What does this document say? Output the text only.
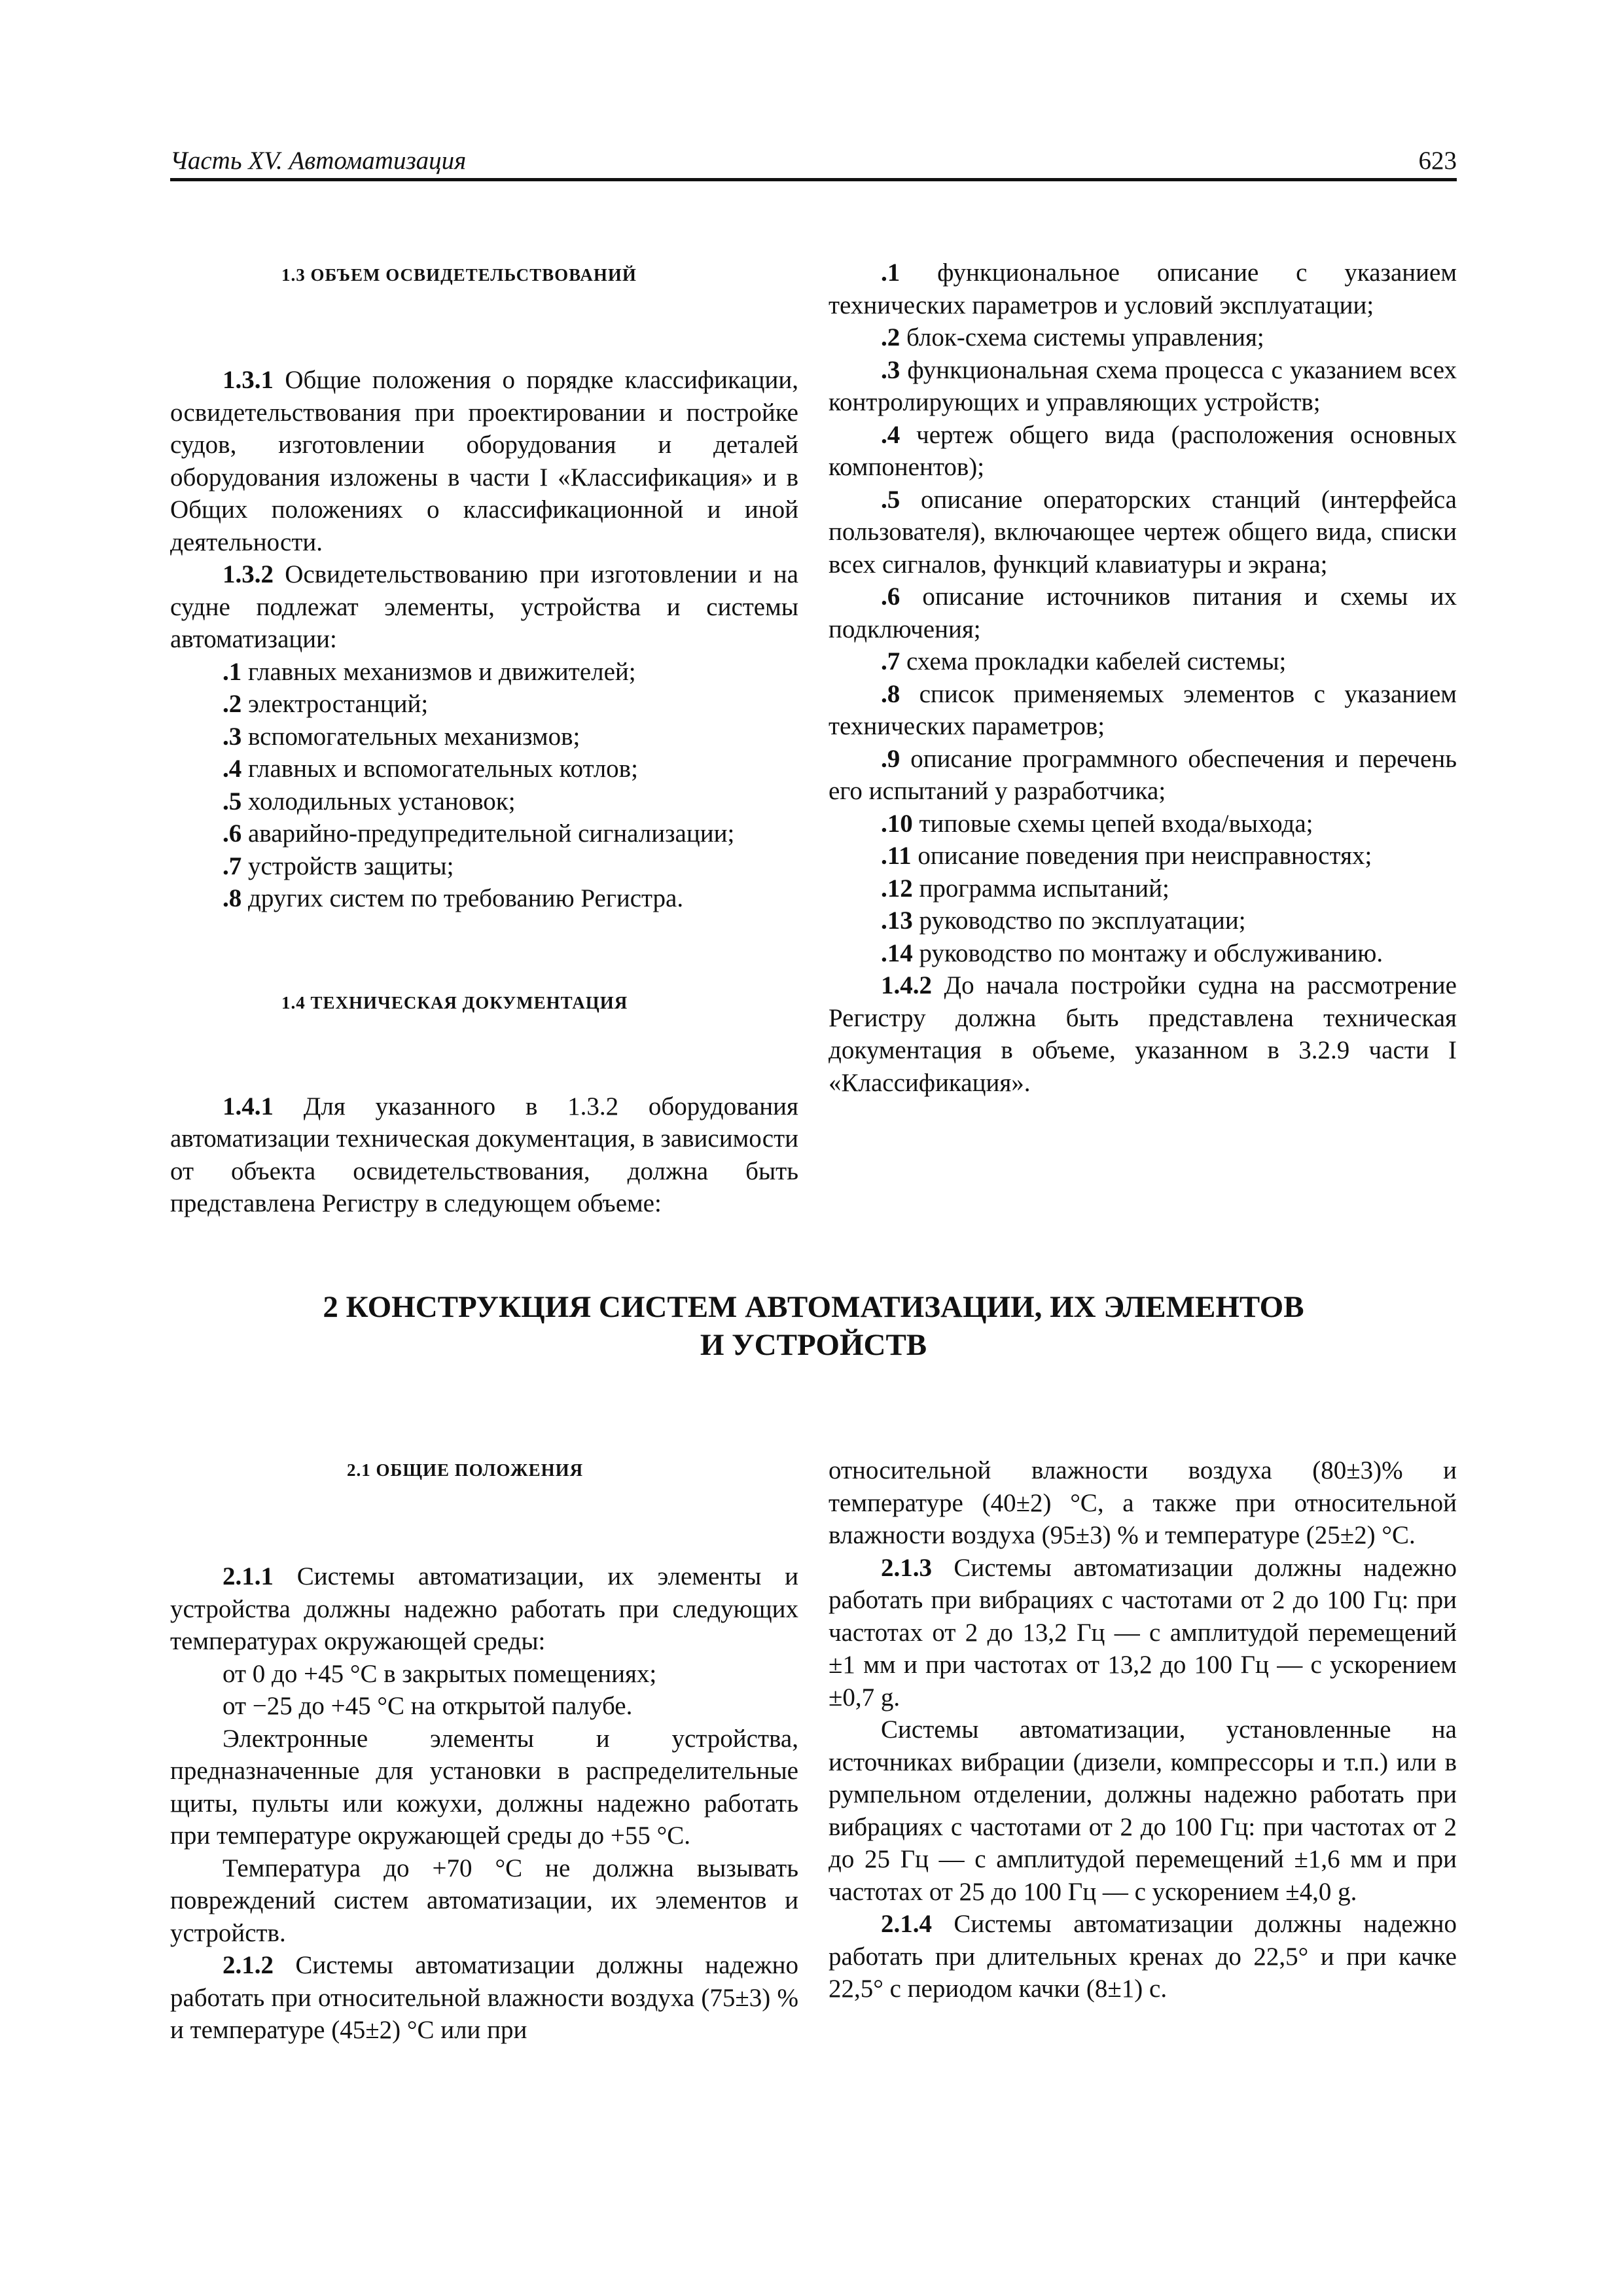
Часть XV. Автоматизация	623

1.3 ОБЪЕМ ОСВИДЕТЕЛЬСТВОВАНИЙ

1.3.1 Общие положения о порядке классификации, освидетельствования при проектировании и постройке судов, изготовлении оборудования и деталей оборудования изложены в части I «Классификация» и в Общих положениях о классификационной и иной деятельности.

1.3.2 Освидетельствованию при изготовлении и на судне подлежат элементы, устройства и системы автоматизации:

.1 главных механизмов и движителей;

.2 электростанций;

.3 вспомогательных механизмов;

.4 главных и вспомогательных котлов;

.5 холодильных установок;

.6 аварийно-предупредительной сигнализации;

.7 устройств защиты;

.8 других систем по требованию Регистра.

1.4 ТЕХНИЧЕСКАЯ ДОКУМЕНТАЦИЯ

1.4.1 Для указанного в 1.3.2 оборудования автоматизации техническая документация, в зависимости от объекта освидетельствования, должна быть представлена Регистру в следующем объеме:

.1 функциональное описание с указанием технических параметров и условий эксплуатации;

.2 блок-схема системы управления;

.3 функциональная схема процесса с указанием всех контролирующих и управляющих устройств;

.4 чертеж общего вида (расположения основных компонентов);

.5 описание операторских станций (интерфейса пользователя), включающее чертеж общего вида, списки всех сигналов, функций клавиатуры и экрана;

.6 описание источников питания и схемы их подключения;

.7 схема прокладки кабелей системы;

.8 список применяемых элементов с указанием технических параметров;

.9 описание программного обеспечения и перечень его испытаний у разработчика;

.10 типовые схемы цепей входа/выхода;

.11 описание поведения при неисправностях;

.12 программа испытаний;

.13 руководство по эксплуатации;

.14 руководство по монтажу и обслуживанию.

1.4.2 До начала постройки судна на рассмотрение Регистру должна быть представлена техническая документация в объеме, указанном в 3.2.9 части I «Классификация».

2 КОНСТРУКЦИЯ СИСТЕМ АВТОМАТИЗАЦИИ, ИХ ЭЛЕМЕНТОВ
И УСТРОЙСТВ

2.1 ОБЩИЕ ПОЛОЖЕНИЯ

2.1.1 Системы автоматизации, их элементы и устройства должны надежно работать при следующих температурах окружающей среды:

от 0 до +45 °С в закрытых помещениях;

от −25 до +45 °С на открытой палубе.

Электронные элементы и устройства, предназначенные для установки в распределительные щиты, пульты или кожухи, должны надежно работать при температуре окружающей среды до +55 °С.

Температура до +70 °С не должна вызывать повреждений систем автоматизации, их элементов и устройств.

2.1.2 Системы автоматизации должны надежно работать при относительной влажности воздуха (75±3) % и температуре (45±2) °С или при

относительной влажности воздуха (80±3)% и температуре (40±2) °С, а также при относительной влажности воздуха (95±3) % и температуре (25±2) °С.

2.1.3 Системы автоматизации должны надежно работать при вибрациях с частотами от 2 до 100 Гц: при частотах от 2 до 13,2 Гц — с амплитудой перемещений ±1 мм и при частотах от 13,2 до 100 Гц — с ускорением ±0,7 g.

Системы автоматизации, установленные на источниках вибрации (дизели, компрессоры и т.п.) или в румпельном отделении, должны надежно работать при вибрациях с частотами от 2 до 100 Гц: при частотах от 2 до 25 Гц — с амплитудой перемещений ±1,6 мм и при частотах от 25 до 100 Гц — с ускорением ±4,0 g.

2.1.4 Системы автоматизации должны надежно работать при длительных кренах до 22,5° и при качке 22,5° с периодом качки (8±1) с.
